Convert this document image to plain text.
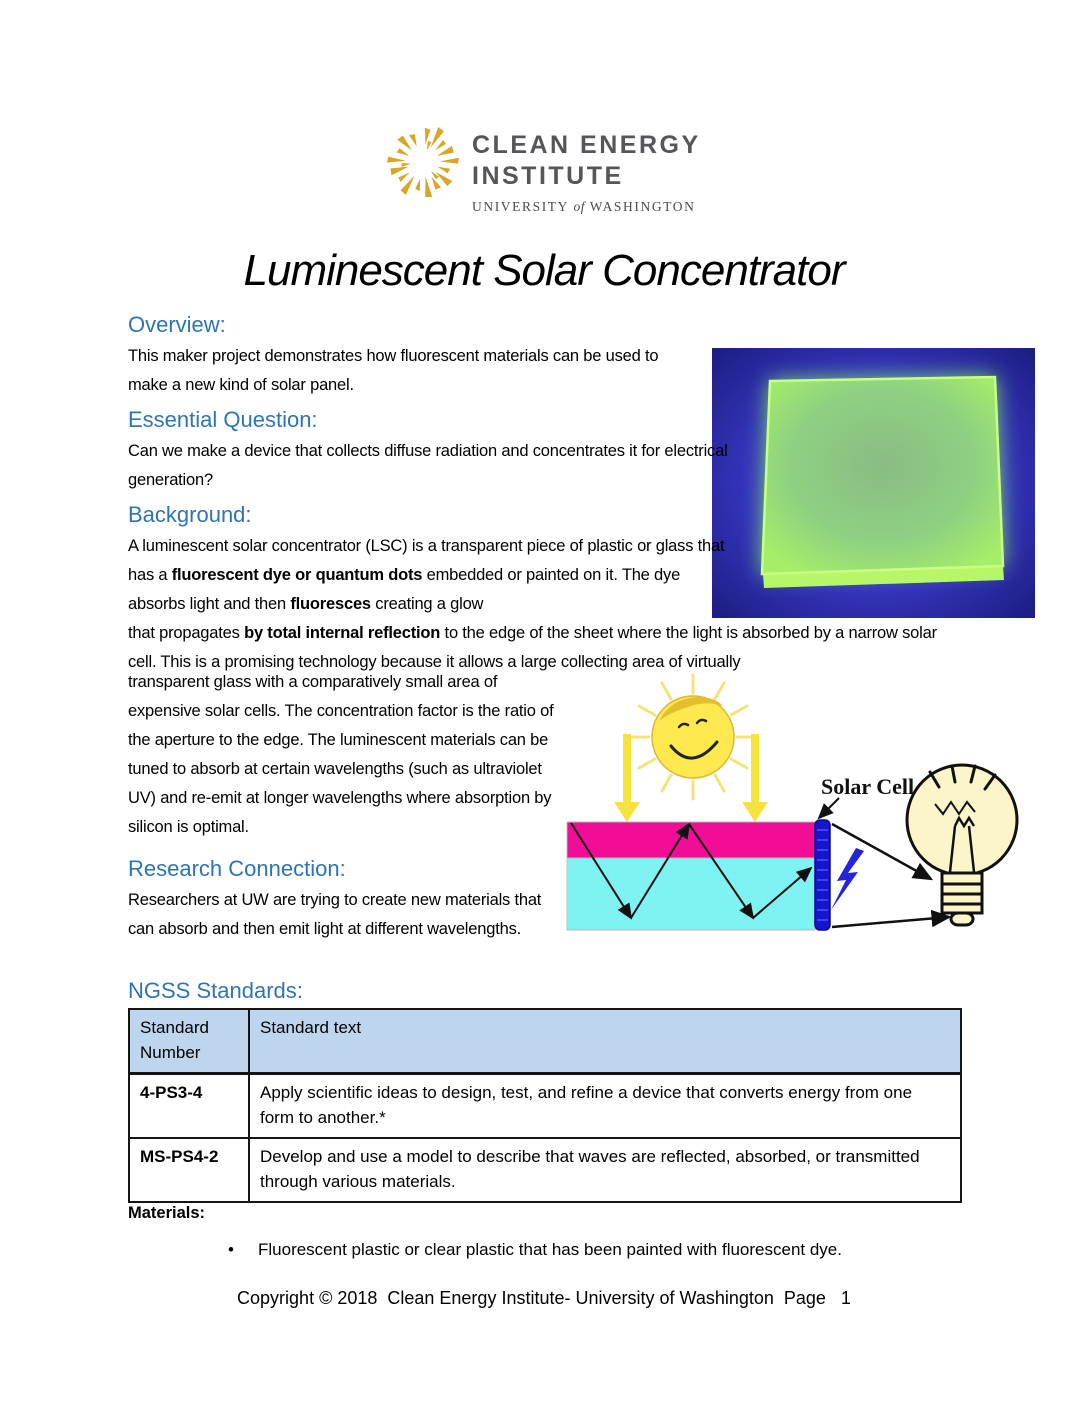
CLEAN ENERGY
INSTITUTE
UNIVERSITY of WASHINGTON
Luminescent Solar Concentrator
Overview:
This maker project demonstrates how fluorescent materials can be used to make a new kind of solar panel.
Essential Question:
Can we make a device that collects diffuse radiation and concentrates it for electrical generation?
Background:
A luminescent solar concentrator (LSC) is a transparent piece of plastic or glass that has a fluorescent dye or quantum dots embedded or painted on it. The dye absorbs light and then fluoresces creating a glow
that propagates by total internal reflection to the edge of the sheet where the light is absorbed by a narrow solar cell. This is a promising technology because it allows a large collecting area of virtually
transparent glass with a comparatively small area of expensive solar cells. The concentration factor is the ratio of the aperture to the edge. The luminescent materials can be tuned to absorb at certain wavelengths (such as ultraviolet UV) and re-emit at longer wavelengths where absorption by silicon is optimal.
Solar Cell
Research Connection:
Researchers at UW are trying to create new materials that can absorb and then emit light at different wavelengths.
NGSS Standards:
Standard Number	Standard text
4-PS3-4	Apply scientific ideas to design, test, and refine a device that converts energy from one form to another.*
MS-PS4-2	Develop and use a model to describe that waves are reflected, absorbed, or transmitted through various materials.
Materials:
•	Fluorescent plastic or clear plastic that has been painted with fluorescent dye.
Copyright © 2018  Clean Energy Institute- University of Washington  Page   1
